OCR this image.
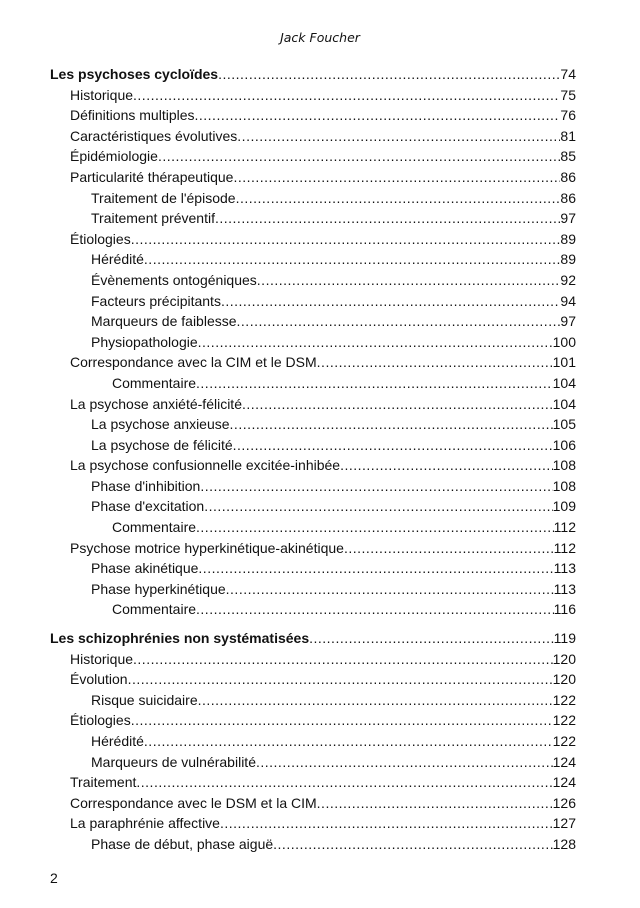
Jack Foucher
Les psychoses cycloïdes .....	74
Historique .....	75
Définitions multiples .....	76
Caractéristiques évolutives .....	81
Épidémiologie .....	85
Particularité thérapeutique .....	86
Traitement de l'épisode .....	86
Traitement préventif .....	97
Étiologies .....	89
Hérédité .....	89
Évènements ontogéniques .....	92
Facteurs précipitants .....	94
Marqueurs de faiblesse .....	97
Physiopathologie .....	100
Correspondance avec la CIM et le DSM .....	101
Commentaire .....	104
La psychose anxiété-félicité .....	104
La psychose anxieuse .....	105
La psychose de félicité .....	106
La psychose confusionnelle excitée-inhibée .....	108
Phase d'inhibition .....	108
Phase d'excitation .....	109
Commentaire .....	112
Psychose motrice hyperkinétique-akinétique .....	112
Phase akinétique .....	113
Phase hyperkinétique .....	113
Commentaire .....	116
Les schizophrénies non systématisées .....	119
Historique .....	120
Évolution .....	120
Risque suicidaire .....	122
Étiologies .....	122
Hérédité .....	122
Marqueurs de vulnérabilité .....	124
Traitement .....	124
Correspondance avec le DSM et la CIM .....	126
La paraphrénie affective .....	127
Phase de début, phase aiguë .....	128
2
